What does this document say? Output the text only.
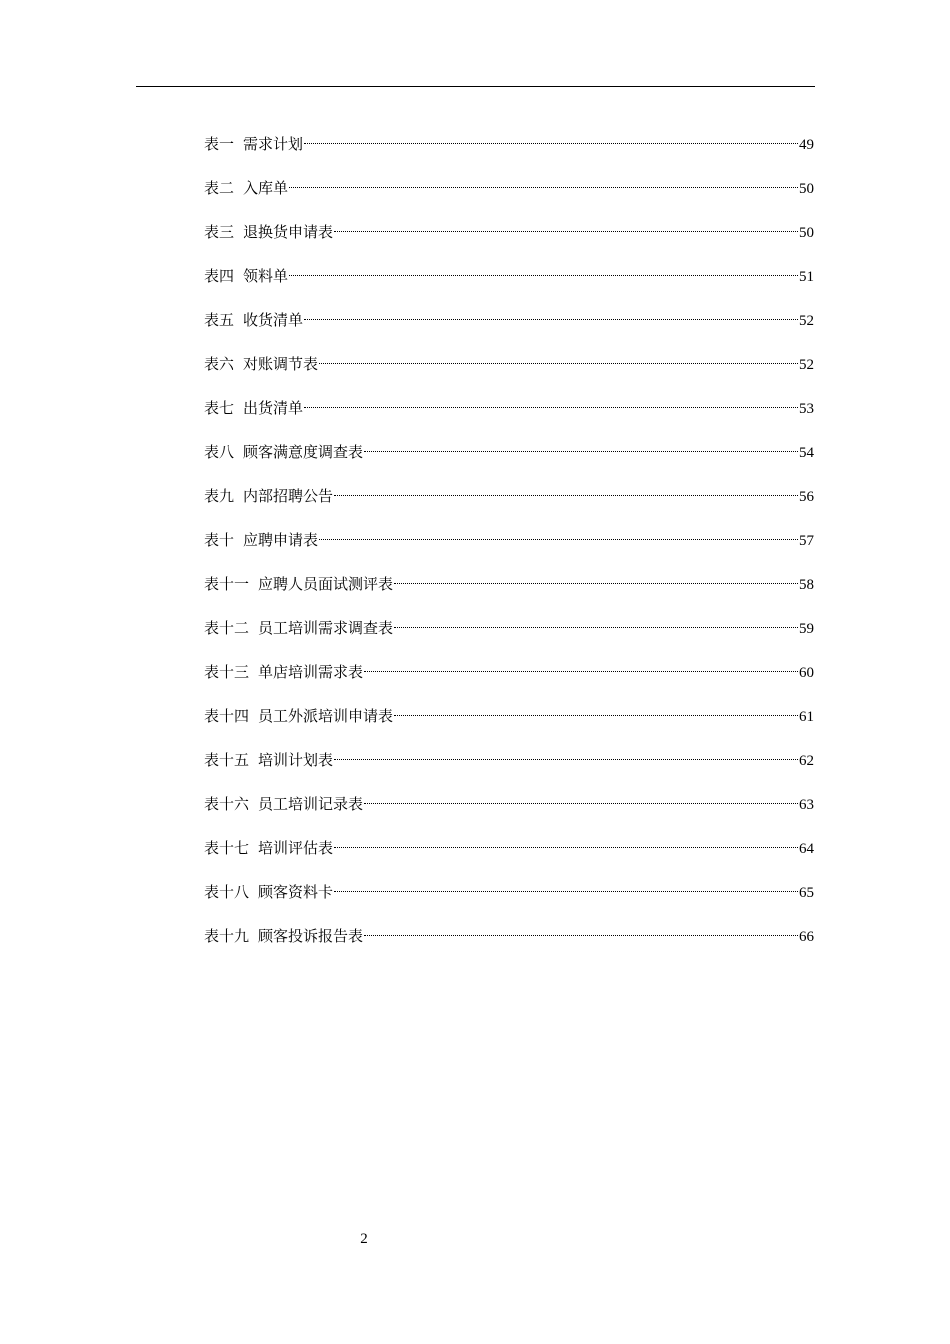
表一 需求计划	49
表二 入库单	50
表三 退换货申请表	50
表四 领料单	51
表五 收货清单	52
表六 对账调节表	52
表七 出货清单	53
表八 顾客满意度调查表	54
表九 内部招聘公告	56
表十 应聘申请表	57
表十一 应聘人员面试测评表	58
表十二 员工培训需求调查表	59
表十三 单店培训需求表	60
表十四 员工外派培训申请表	61
表十五 培训计划表	62
表十六 员工培训记录表	63
表十七 培训评估表	64
表十八 顾客资料卡	65
表十九 顾客投诉报告表	66
2
